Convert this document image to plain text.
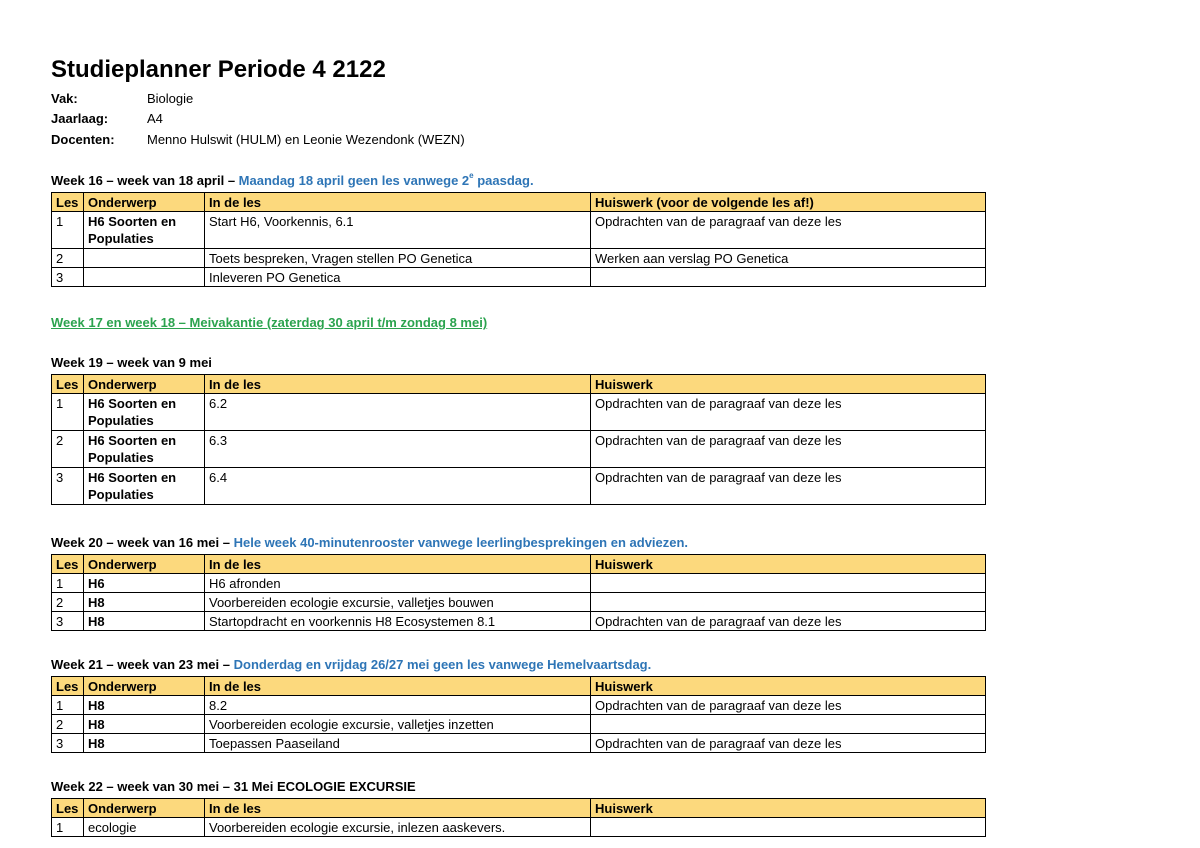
Studieplanner Periode 4 2122
Vak:	Biologie
Jaarlaag:	A4
Docenten: Menno Hulswit (HULM) en Leonie Wezendonk (WEZN)
Week 16 – week van 18 april – Maandag 18 april geen les vanwege 2e paasdag.
Les	Onderwerp	In de les	Huiswerk (voor de volgende les af!)
1	H6 Soorten en Populaties	Start H6, Voorkennis, 6.1	Opdrachten van de paragraaf van deze les
2		Toets bespreken, Vragen stellen PO Genetica	Werken aan verslag PO Genetica
3		Inleveren PO Genetica	
Week 17 en week 18 – Meivakantie (zaterdag 30 april t/m zondag 8 mei)
Week 19 – week van 9 mei
Les	Onderwerp	In de les	Huiswerk
1	H6 Soorten en Populaties	6.2	Opdrachten van de paragraaf van deze les
2	H6 Soorten en Populaties	6.3	Opdrachten van de paragraaf van deze les
3	H6 Soorten en Populaties	6.4	Opdrachten van de paragraaf van deze les
Week 20 – week van 16 mei – Hele week 40-minutenrooster vanwege leerlingbesprekingen en adviezen.
Les	Onderwerp	In de les	Huiswerk
1	H6	H6 afronden	
2	H8	Voorbereiden ecologie excursie, valletjes bouwen	
3	H8	Startopdracht en voorkennis H8 Ecosystemen 8.1	Opdrachten van de paragraaf van deze les
Week 21 – week van 23 mei – Donderdag en vrijdag 26/27 mei geen les vanwege Hemelvaartsdag.
Les	Onderwerp	In de les	Huiswerk
1	H8	8.2	Opdrachten van de paragraaf van deze les
2	H8	Voorbereiden ecologie excursie, valletjes inzetten	
3	H8	Toepassen Paaseiland	Opdrachten van de paragraaf van deze les
Week 22 – week van 30 mei – 31 Mei ECOLOGIE EXCURSIE
Les	Onderwerp	In de les	Huiswerk
1	ecologie	Voorbereiden ecologie excursie, inlezen aaskevers.	
